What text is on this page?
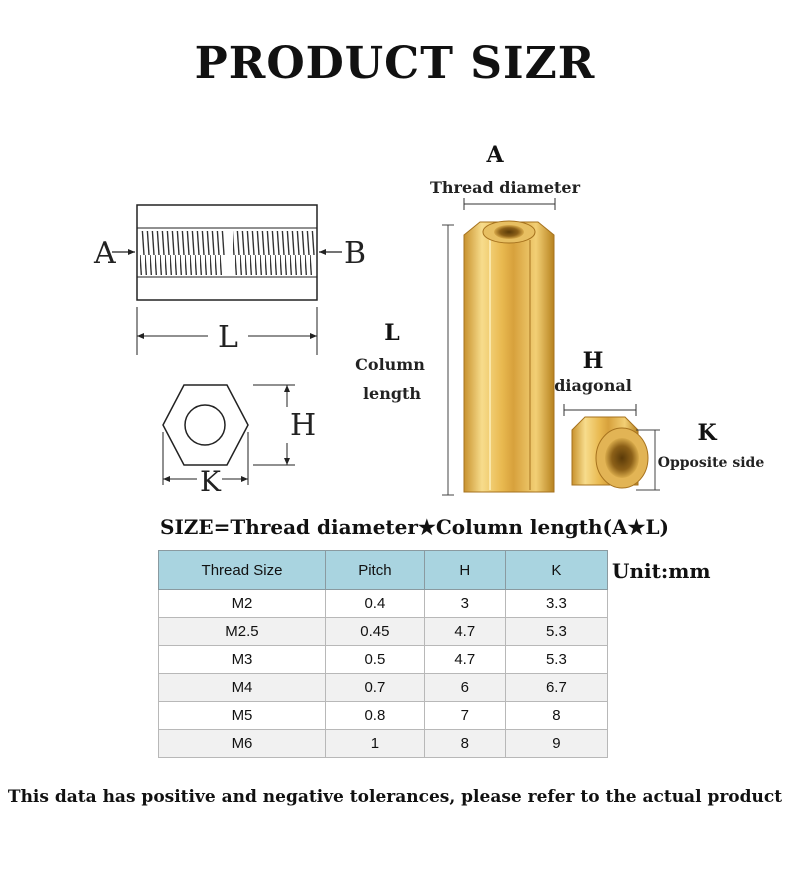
PRODUCT SIZR
A	B
L
H
K
A
Thread diameter
L
Column
length
H
diagonal
K
Opposite side
SIZE=Thread diameter★Column length(A★L)
Unit:mm
Thread Size	Pitch	H	K
M2	0.4	3	3.3
M2.5	0.45	4.7	5.3
M3	0.5	4.7	5.3
M4	0.7	6	6.7
M5	0.8	7	8
M6	1	8	9
This data has positive and negative tolerances, please refer to the actual product
